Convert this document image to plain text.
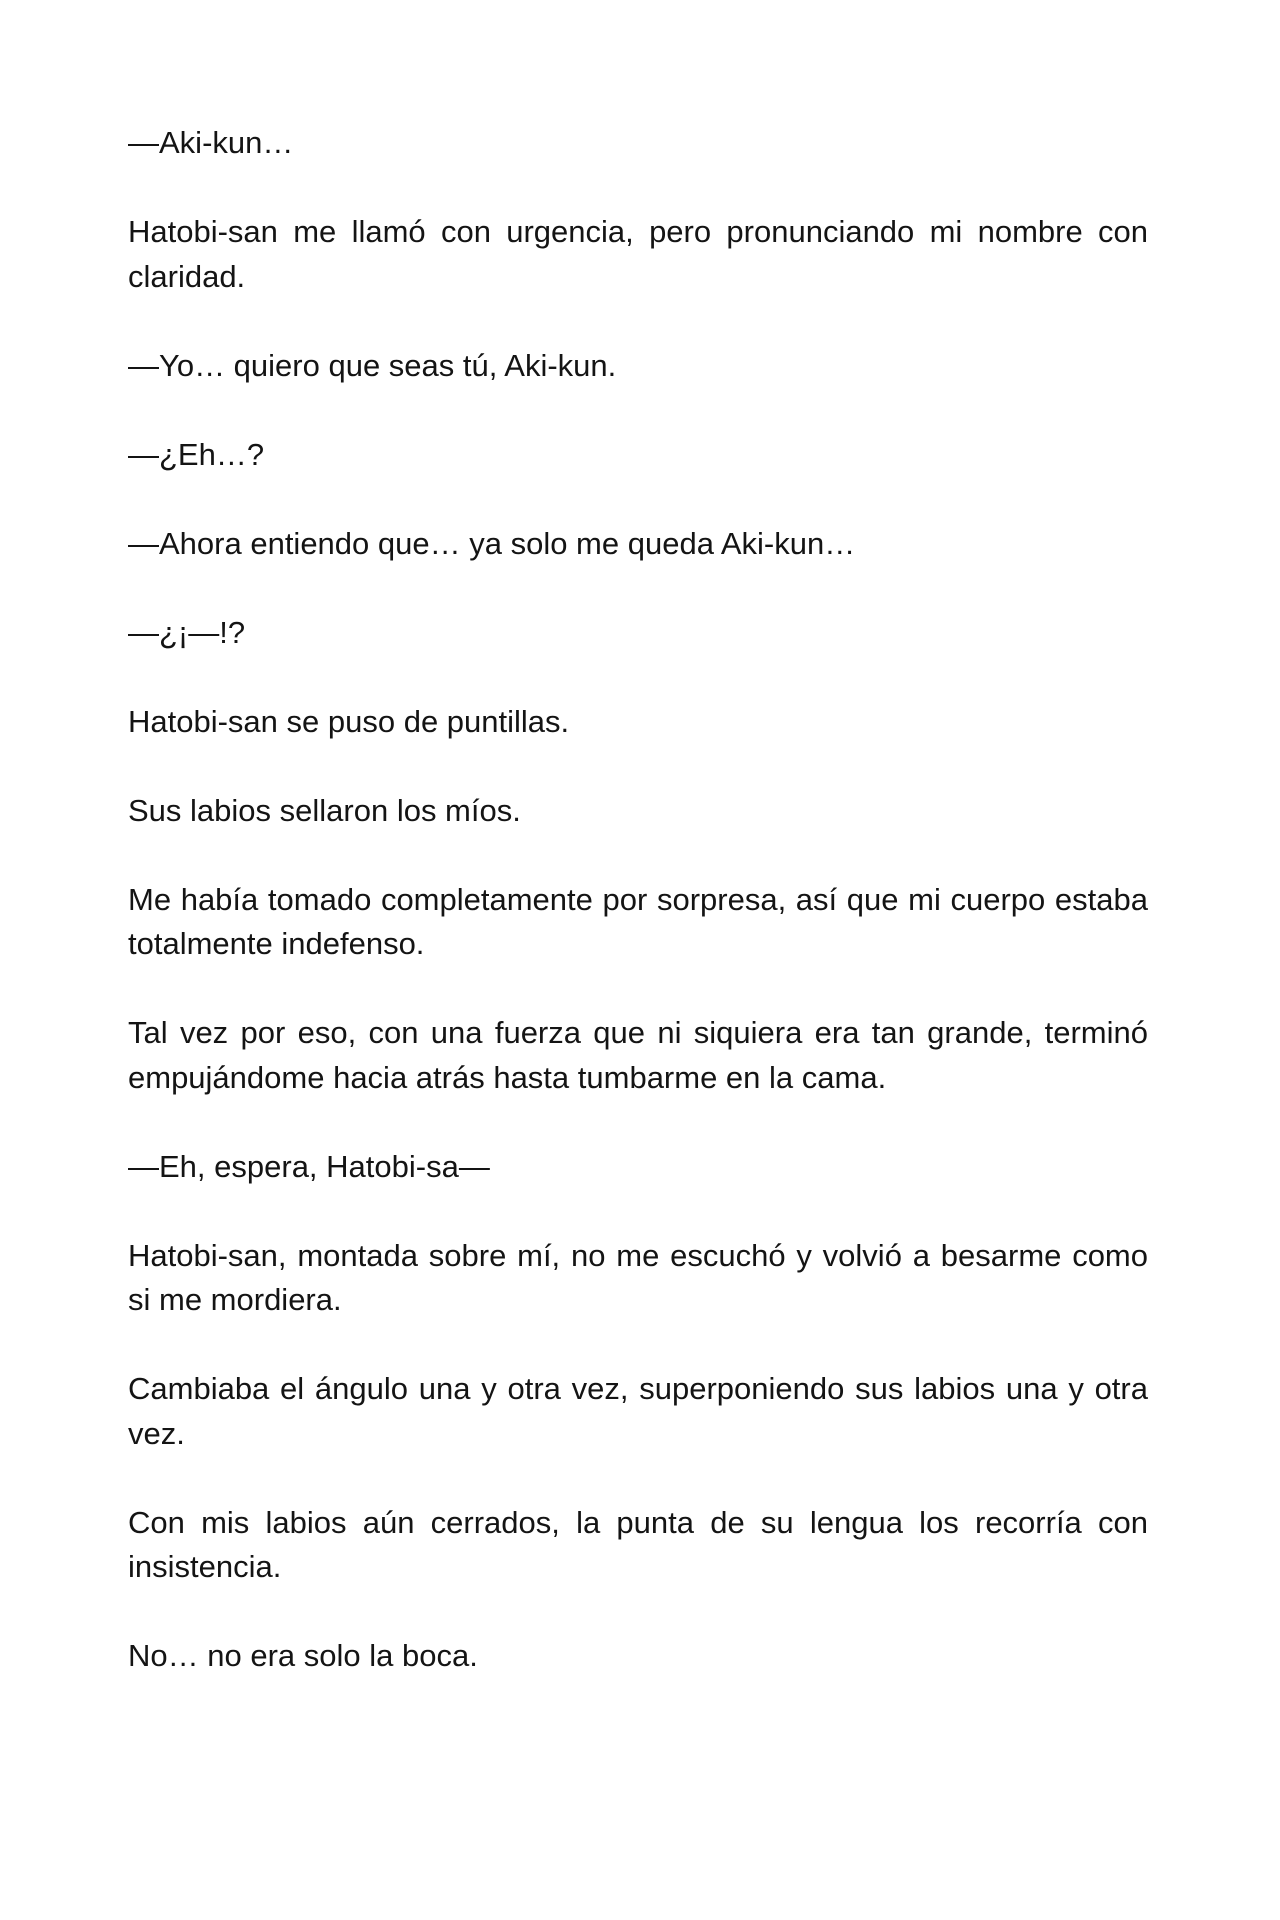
—Aki-kun…

Hatobi-san me llamó con urgencia, pero pronunciando mi nombre con claridad.

—Yo… quiero que seas tú, Aki-kun.

—¿Eh…?

—Ahora entiendo que… ya solo me queda Aki-kun…

—¿¡—!?

Hatobi-san se puso de puntillas.

Sus labios sellaron los míos.

Me había tomado completamente por sorpresa, así que mi cuerpo estaba totalmente indefenso.

Tal vez por eso, con una fuerza que ni siquiera era tan grande, terminó empujándome hacia atrás hasta tumbarme en la cama.

—Eh, espera, Hatobi-sa—

Hatobi-san, montada sobre mí, no me escuchó y volvió a besarme como si me mordiera.

Cambiaba el ángulo una y otra vez, superponiendo sus labios una y otra vez.

Con mis labios aún cerrados, la punta de su lengua los recorría con insistencia.

No… no era solo la boca.
